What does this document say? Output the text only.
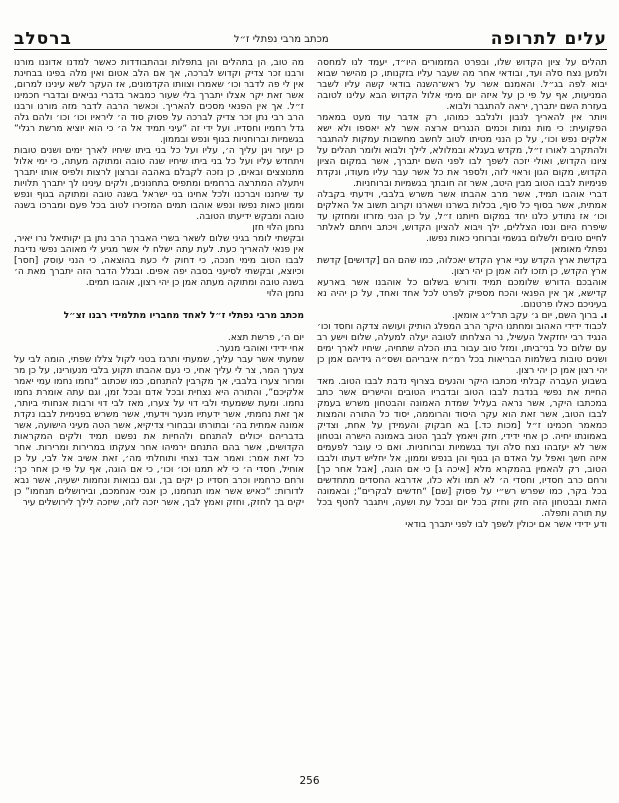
עלים לתרופה
מכתב מרבי נפתלי ז״ל
ברסלב

תהלים על ציון הקדוש שלו, ובפרט המזמורים היו״ד, יעמד לנו למחסה ולמען נצח סלה ועד, ובודאי אחר מה שעבר עליו בזקנותו, כן מהישר שבוא יבוא לפה בג״ל. והאמנם אשר על ראש־השנה בודאי קשה עליו לשבר המניעות, אף על פי כן על איזה יום מימי אלול הקדוש הבא עלינו לטובה בעזרת השם יתברך, יראה להתגבר ולבוא.

ויותר אין להאריך לנבון ולנלבב כמוהו, רק אדבר עוד מעט במאמר הפקועית: כי מות נמות וכמים הנגרים ארצה אשר לא יאספו ולא ישא אלקים נפש וכו׳, על כן הנני מטיתו לטוב לחשב מחשבות עמקות להתגבר ולהתקרב לאורו ז״ל, מקדש בעגלא ובמלולא, לילך ולבוא ולומר תהלים על ציונו הקדוש, ואולי יזכה לשפך לבו לפני השם יתברך, אשר במקום הציון הקדוש, מקום הגון וראוי לזה, ולספר את כל אשר עבר עליו מעודו, ונקדת פנימיות לבבו הטוב מבין היטב, אשר זה חובתך בגשמיות וברוחניות.

דברי אוהבו תמיד, אשר מרב אהבתו אשר משרש בלבבי, וידעתי בקבלה אמתית, אשר בסוף כל סוף, בכלות בשרנו ושארנו וקרוב תשוב אל האלקים וכו׳ אז נתודע כלנו יחד במקום חיותנו ז״ל, על כן הנני מזרזו ומחזקו עד שיפרח היום ונסו הצללים, ילך ויבוא להציון הקדוש, ויכתב ויחתם לאלתר לחיים טובים ולשלום בגשמי וברוחני כאות נפשו.

נפתלי מאומאן

בקדשת ארץ הקדש עניי ארץ הקדש יאכלוה, כמו שהם הם [קדושים] קדשת ארץ הקדש, כן תזכו לזה אמן כן יהי רצון.

אוהבכם הדורש שלומכם תמיד ודורש בשלום כל אוהבנו אשר בארעא קדישא, אך אין הפנאי והכח מספיק לפרט לכל אחד ואחד, על כן יהיה נא בעיניכם כאלו פרטנום.

ו. ברוך השם, יום ג׳ עקב תרל״ג אומאן.

לכבוד ידידי האהוב ומחתנו היקר הרב המפלג הותיק ועושה צדקה וחסד וכו׳ הנגיד רבי יחזקאל העשיל, נר הצלחתו לטובה יעלה למעלה, שלום וישע רב עם שלום כל בני־ביתו, ומזל טוב עבור בתו הכלה שתחיה, שיחיו לארך ימים ושנים טובות בשלמות הבריאות בכל רמ״ח איבריהם ושס״ה גידיהם אמן כן יהי רצון אמן כן יהי רצון.

בשבוע העברה קבלתי מכתבו היקר והנעים בצרוף נדבת לבבו הטוב. מאד החיית את נפשי בנדבת לבבו הטוב ובדבריו הטובים והישרים אשר כתב במכתבו היקר, אשר נראה בעליל שמדת האמונה והבטחון משרש בעמק לבבו הטוב, אשר זאת הוא עקר היסוד והרוממה, יסוד כל התורה והמצות כמאמר חכמינו ז״ל [מכות כד.] בא חבקוק והעמידן על אחת, וצדיק באמונתו יחיה. כן אחי ידידי, חזק ויאמץ לבבך הטוב באמונה הישרה ובטחון אשר לא יעזבהו נצח סלה ועד בגשמיות וברוחניות. ואם כי עובר לפעמים איזה חשך ואפל על האדם הן בגוף והן בנפש וממון, אל יחליש דעתו ולבבו הטוב, רק להאמין בהמקרא מלא [איכה ג] כי אם הוגה, [אבל אחר כך] ורחם כרב חסדיו, וחסדי ה׳ לא תמו ולא כלו, אדרבא החסדים מתחדשים בכל בקר, כמו שפרש רש״י על פסוק [שם] “חדשים לבקרים”; ובאמונה הזאת ובבטחון הזה חזק וחזק בכל יום ובכל עת ושעה, ויתגבר לחטף בכל עת תורה ותפלה.

ודע ידידי אשר אם יכולין לשפך לבו לפני יתברך בודאי

מה טוב, הן בתהלים והן בתפלות ובהתבודדות כאשר למדנו אדוננו מורנו ורבנו זכר צדיק וקדוש לברכה, אך אם הלב אטום ואין מלה בפינו בבחינת אין לי פה לדבר וכו׳ שאמרו וצוותו הקדמונים, אז העקר לשא עינינו למרום, אשר זאת יקר אצלו יתברך בלי שעור כמבאר בדברי נביאים ובדברי חכמינו ז״ל. אך אין הפנאי מסכים להאריך. וכאשר הרבה לדבר מזה מורנו ורבנו הרב רבי נתן זכר צדיק לברכה על פסוק סוד ה׳ ליראיו וכו׳ וכו׳ ולהם גלה גדל רחמיו וחסדיו. ועל ידי זה “עיני תמיד אל ה׳ כי הוא יוציא מרשת רגלי” בגשמיות וברוחניות בגוף ונפש ובממון.

כן יעזר ויגן עליך ה׳, עליו ועל כל בני ביתו שיחיו לארך ימים ושנים טובות ויתחדש עליו ועל כל בני ביתו שיחיו שנה טובה ומתוקה מעתה, כי ימי אלול מתנוצצים ובאים, כן נזכה לקבלם באהבה וברצון לרצות ולפיס אותו יתברך ויתעלה המתרצה ברחמים ומתפיס בתחנונים, ולקים עינינו לך יתברך תלויות עד שיחננו ויברכנו ולכל אחינו בני ישראל בשנה טובה ומתוקה בגוף ונפש וממון כאות נפשו ונפש אוהבו תמים המזכירו לטוב בכל פעם ומברכו בשנה טובה ומבקש ידיעתו הטובה.

נחמן הלוי חזן

ובקשתי לומר בגיני שלום לשאר בשרי האברך הרב נתן בן יקותיאל נרו יאיר, אין פנאי להאריך כעת. לעת עתה ישלח לי אשר מגיע לי מאוהב נפשי נדיבת לבבו הטוב מימי חנכה, כי דחוק לי כעת בהוצאה, כי הנני עוסק [חסר] וכיוצא, ובקשתי לסיעני בסבה יפה אפים. ובגלל הדבר הזה יתברך מאת ה׳ בשנה טובה ומתוקה מעתה אמן כן יהי רצון, אוהבו תמים.

נחמן הלוי

מכתב מרבי נפתלי ז״ל לאחד מחבריו מתלמידי רבנו זצ״ל

יום ה׳, פרשת תצא.

אחי ידידי ואוהבי מנער.

שמעתי אשר עבר עליך, שמעתי ותרגז בטני לקול צללו שפתי, הומה לבי על צערך המר, צר לי עליך אחי, כי נעם אהבתו תקוע בלבי מנעורינו, על כן מר ומרור צערו בלבבי, אך מקרבין להתנחם, כמו שכתוב “נחמו נחמו עמי יאמר אלקיכם”, והתורה היא נצחית ובכל אדם ובכל זמן, וגם עתה אומרת נחמו נחמו. ומעת ששמעתי ולבי דוי על צערו, מאז לבי דוי ורבות אנחותי ביותר, אך זאת נחמתי, אשר ידעתיו מנער וידעתי, אשר משרש בפנימית לבבו נקדת אמונה אמתית בה׳ ובתורתו ובבחורי צדיקיא, אשר הטה מעיני הישועה, אשר בדבריהם יכולים להתנחם ולהחיות את נפשנו תמיד ולקים המקראות הקדושים, אשר בהם התנחם ירמיהו אחר צעקתו במרירות ומרירות. אחר כל זאת אמר: ואמר אבד נצחי ותוחלתי מה׳, זאת אשיב אל לבי, על כן אוחיל, חסדי ה׳ כי לא תמנו וכו׳ וכו׳, כי אם הוגה, אף על פי כן אחר כך: ורחם כרחמיו וכרב חסדיו כן יקים בך, וגם נבואות ונחמות ישעיה, אשר נבא לדורות: “כאיש אשר אמו תנחמנו, כן אנכי אנחמכם, ובירושלים תנחמו” כן יקים בך לחזק, וחזק ואמץ לבך, אשר יזכה לזה, שיזכה לילך לירושלים עיר

256
